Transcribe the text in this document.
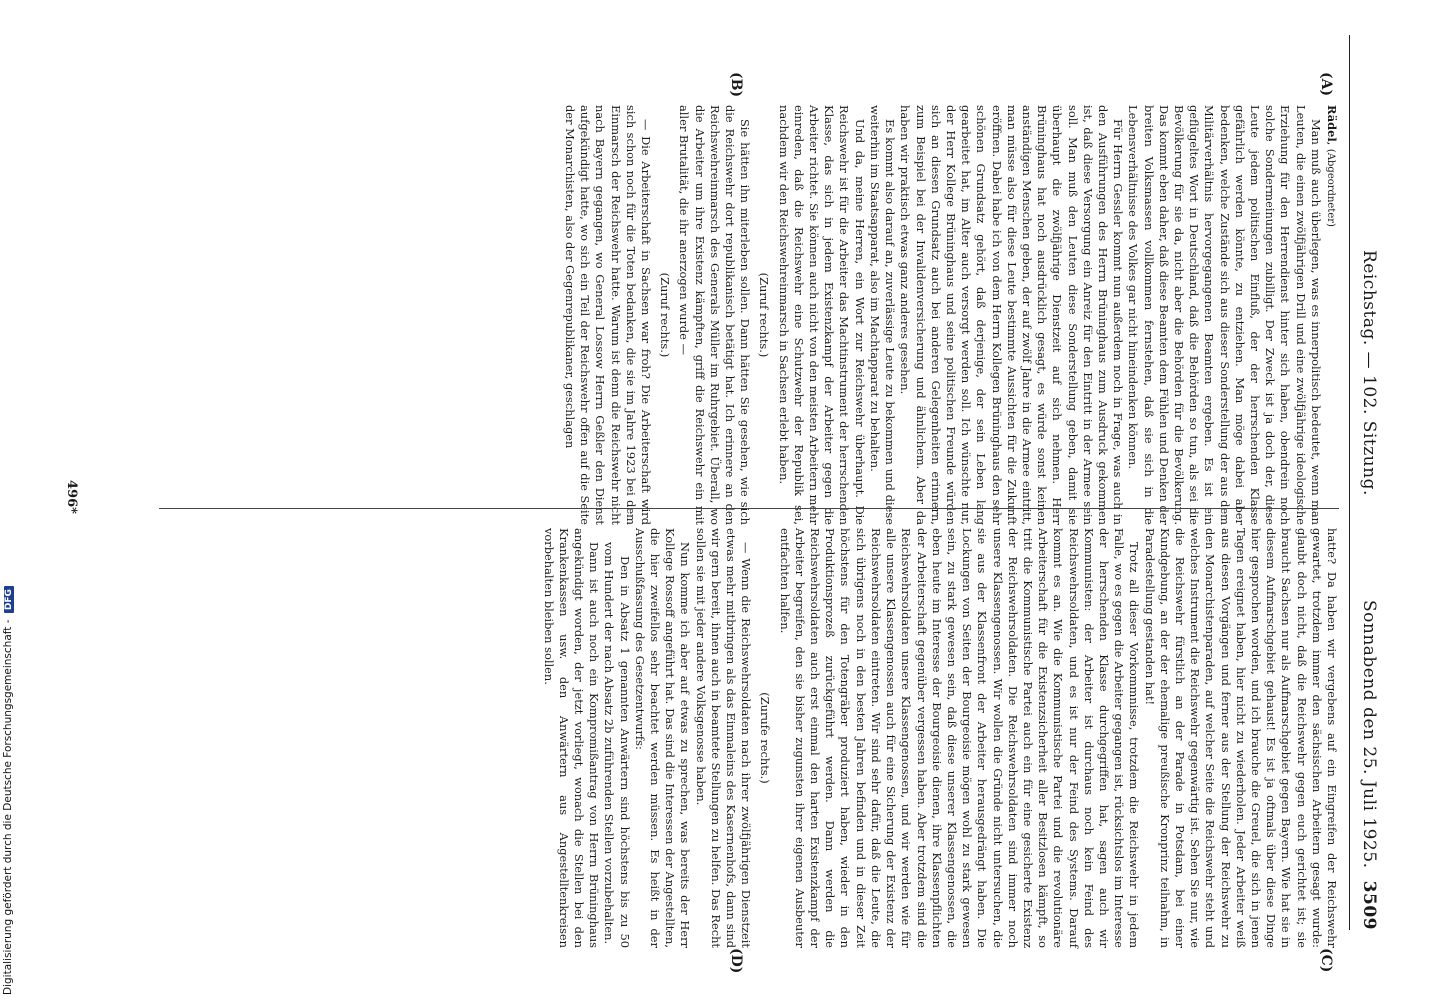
Reichstag. — 102. Sitzung.
Sonnabend den 25. Juli 1925.
3509
(A)
(B)
(C)
(D)

Rädel, (Abgeordneter)

Man muß auch überlegen, was es innerpolitisch bedeutet, wenn man Leuten, die einen zwölfjährigen Drill und eine zwölfjährige ideologische Erziehung für den Herrendienst hinter sich haben, obendrein noch solche Sondermeinungen zubilligt. Der Zweck ist ja doch der, diese Leute jedem politischen Einfluß, der der herrschenden Klasse gefährlich werden könnte, zu entziehen. Man möge dabei aber bedenken, welche Zustände sich aus dieser Sonderstellung der aus dem Militärverhältnis hervorgegangenen Beamten ergeben. Es ist ein geflügeltes Wort in Deutschland, daß die Behörden so tun, als sei die Bevölkerung für sie da, nicht aber die Behörden für die Bevölkerung. Das kommt eben daher, daß diese Beamten dem Fühlen und Denken der breiten Volksmassen vollkommen fernstehen, daß sie sich in die Lebensverhältnisse des Volkes gar nicht hineindenken können.

Für Herrn Gessler kommt nun außerdem noch in Frage, was auch in den Ausführungen des Herrn Brüninghaus zum Ausdruck gekommen ist, daß diese Versorgung ein Anreiz für den Eintritt in der Armee sein soll. Man muß den Leuten diese Sonderstellung geben, damit sie überhaupt die zwölfjährige Dienstzeit auf sich nehmen. Herr Brüninghaus hat noch ausdrücklich gesagt, es würde sonst keinen anständigen Menschen geben, der auf zwölf Jahre in die Armee eintritt, man müsse also für diese Leute bestimmte Aussichten für die Zukunft eröffnen. Dabei habe ich von dem Herrn Kollegen Brüninghaus den sehr schönen Grundsatz gehört, daß derjenige, der sein Leben lang gearbeitet hat, im Alter auch versorgt werden soll. Ich wünschte nur, der Herr Kollege Brüninghaus und seine politischen Freunde würden sich an diesen Grundsatz auch bei anderen Gelegenheiten erinnern, zum Beispiel bei der Invalidenversicherung und ähnlichem. Aber da haben wir praktisch etwas ganz anderes gesehen.

Es kommt also darauf an, zuverlässige Leute zu bekommen und diese weiterhin im Staatsapparat, also im Machtapparat zu behalten.

Und da, meine Herren, ein Wort zur Reichswehr überhaupt. Die Reichswehr ist für die Arbeiter das Machtinstrument der herrschenden Klasse, das sich in jedem Existenzkampf der Arbeiter gegen die Arbeiter richtet. Sie können auch nicht von den meisten Arbeitern mehr einreden, daß die Reichswehr eine Schutzwehr der Republik sei, nachdem wir den Reichswehreinmarsch in Sachsen erlebt haben.

(Zuruf rechts.)

Sie hätten ihn miterleben sollen. Dann hätten Sie gesehen, wie sich die Reichswehr dort republikanisch betätigt hat. Ich erinnere an den Reichswehreinmarsch des Generals Müller im Ruhrgebiet. Überall, wo die Arbeiter um ihre Existenz kämpften, griff die Reichswehr ein mit aller Brutalität, die ihr anerzogen wurde —

(Zuruf rechts.)

— Die Arbeiterschaft in Sachsen war froh? Die Arbeiterschaft wird sich schon noch für die Toten bedanken, die sie im Jahre 1923 bei dem Einmarsch der Reichswehr hatte. Warum ist denn die Reichswehr nicht nach Bayern gegangen, wo General Lossow Herrn Geßler den Dienst aufgekündigt hatte, wo sich ein Teil der Reichswehr offen auf die Seite der Monarchisten, also der Gegenrepublikaner, geschlagen

hatte? Da haben wir vergebens auf ein Eingreifen der Reichswehr gewartet, trotzdem immer den sächsischen Arbeitern gesagt wurde: glaubt doch nicht, daß die Reichswehr gegen euch gerichtet ist; sie braucht Sachsen nur als Aufmarschgebiet gegen Bayern. Wie hat sie in diesem Aufmarschgebiet gehaust! Es ist ja oftmals über diese Dinge hier gesprochen worden, und ich brauche die Greuel, die sich in jenen Tagen ereignet haben, hier nicht zu wiederholen. Jeder Arbeiter weiß aus diesen Vorgängen und ferner aus der Stellung der Reichswehr zu den Monarchistenparaden, auf welcher Seite die Reichswehr steht und welches Instrument die Reichswehr gegenwärtig ist. Sehen Sie nur, wie die Reichswehr fürstlich an der Parade in Potsdam, bei einer Kundgebung, an der der ehemalige preußische Kronprinz teilnahm, in Paradestellung gestanden hat!

Trotz all dieser Vorkommnisse, trotzdem die Reichswehr in jedem Falle, wo es gegen die Arbeiter gegangen ist, rücksichtslos im Interesse der herrschenden Klasse durchgegriffen hat, sagen auch wir Kommunisten: der Arbeiter ist durchaus noch kein Feind des Reichswehrsoldaten, und es ist nur der Feind des Systems. Darauf kommt es an. Wie die Kommunistische Partei und die revolutionäre Arbeiterschaft für die Existenzsicherheit aller Besitzlosen kämpft, so tritt die Kommunistische Partei auch ein für eine gesicherte Existenz der Reichswehrsoldaten. Die Reichswehrsoldaten sind immer noch unsere Klassengenossen. Wir wollen die Gründe nicht untersuchen, die sie aus der Klassenfront der Arbeiter herausgedrängt haben. Die Lockungen von Seiten der Bourgeoisie mögen wohl zu stark gewesen sein, zu stark gewesen sein, daß diese unserer Klassengenossen, die eben heute im Interesse der Bourgeoisie dienen, ihre Klassenpflichten der Arbeiterschaft gegenüber vergessen haben. Aber trotzdem sind die Reichswehrsoldaten unsere Klassengenossen, und wir werden wie für alle unsere Klassengenossen auch für eine Sicherung der Existenz der Reichswehrsoldaten eintreten. Wir sind sehr dafür, daß die Leute, die sich übrigens noch in den besten Jahren befinden und in dieser Zeit höchstens für den Totengräber produziert haben, wieder in den Produktionsprozeß zurückgeführt werden. Dann werden die Reichswehrsoldaten auch erst einmal den harten Existenzkampf der Arbeiter begreifen, den sie bisher zugunsten ihrer eigenen Ausbeuter entfachten halfen.

(Zurufe rechts.)

— Wenn die Reichswehrsoldaten nach ihrer zwölfjährigen Dienstzeit etwas mehr mitbringen als das Einmaleins des Kasernenhofs, dann sind wir gern bereit, ihnen auch in beamtete Stellungen zu helfen. Das Recht sollen sie mit jeder andere Volksgenosse haben.

Nun komme ich aber auf etwas zu sprechen, was bereits der Herr Kollege Rossoff angeführt hat. Das sind die Interessen der Angestellten, die hier zweifellos sehr beachtet werden müssen. Es heißt in der Ausschußfassung des Gesetzentwurfs:

Den in Absatz 1 genannten Anwärtern sind höchstens bis zu 50 vom Hundert der nach Absatz 2b zuführenden Stellen vorzubehalten.

Dann ist auch noch ein Kompromißantrag von Herrn Brüninghaus angekündigt worden, der jetzt vorliegt, wonach die Stellen bei den Krankenkassen usw. den Anwärtern aus Angestelltenkreisen vorbehalten bleiben sollen.

496*
Digitalisierung gefördert durch die Deutsche Forschungsgemeinschaft - DFG
